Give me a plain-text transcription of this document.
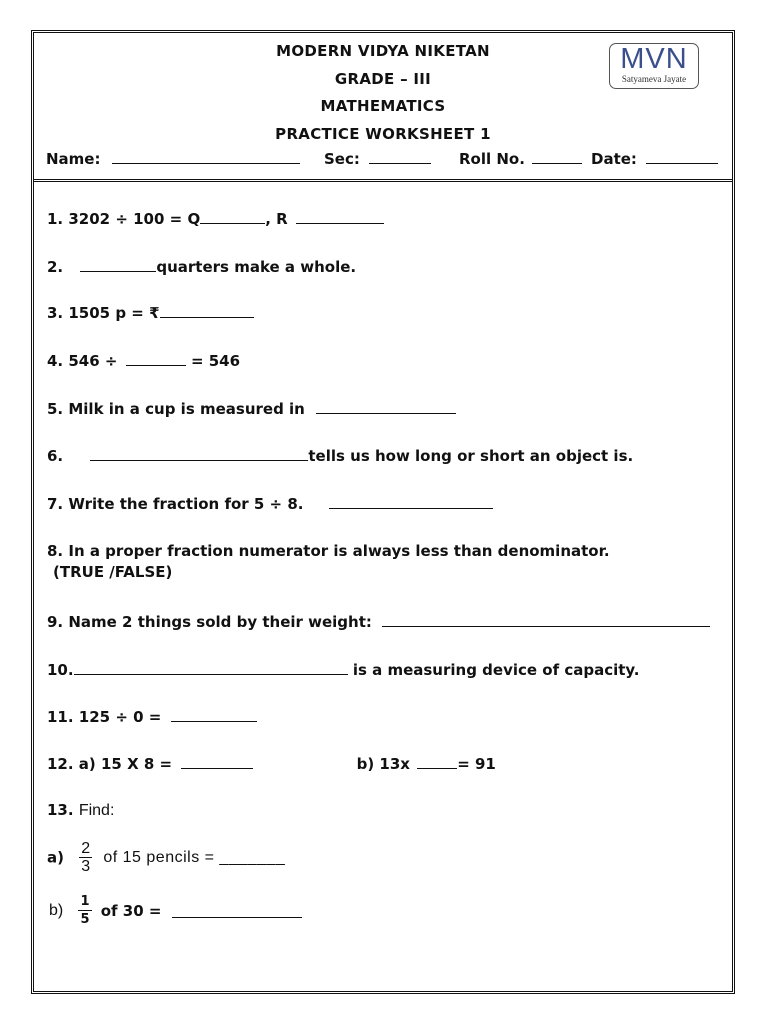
MODERN VIDYA NIKETAN
GRADE – III
MATHEMATICS
PRACTICE WORKSHEET 1
MVN
Satyameva Jayate
Name:	Sec:	Roll No.	Date:
1. 3202 ÷ 100 = Q	, R
2.	quarters make a whole.
3. 1505 p = ₹
4. 546 ÷	= 546
5. Milk in a cup is measured in
6.	tells us how long or short an object is.
7. Write the fraction for 5 ÷ 8.
8. In a proper fraction numerator is always less than denominator.
(TRUE /FALSE)
9. Name 2 things sold by their weight:
10.	is a measuring device of capacity.
11. 125 ÷ 0 =
12. a) 15 X 8 =	b) 13x	= 91
13. Find:
$a) \frac{2}{3}$ of 15 pencils = _______
$b) \frac{1}{5}$ of 30 =
